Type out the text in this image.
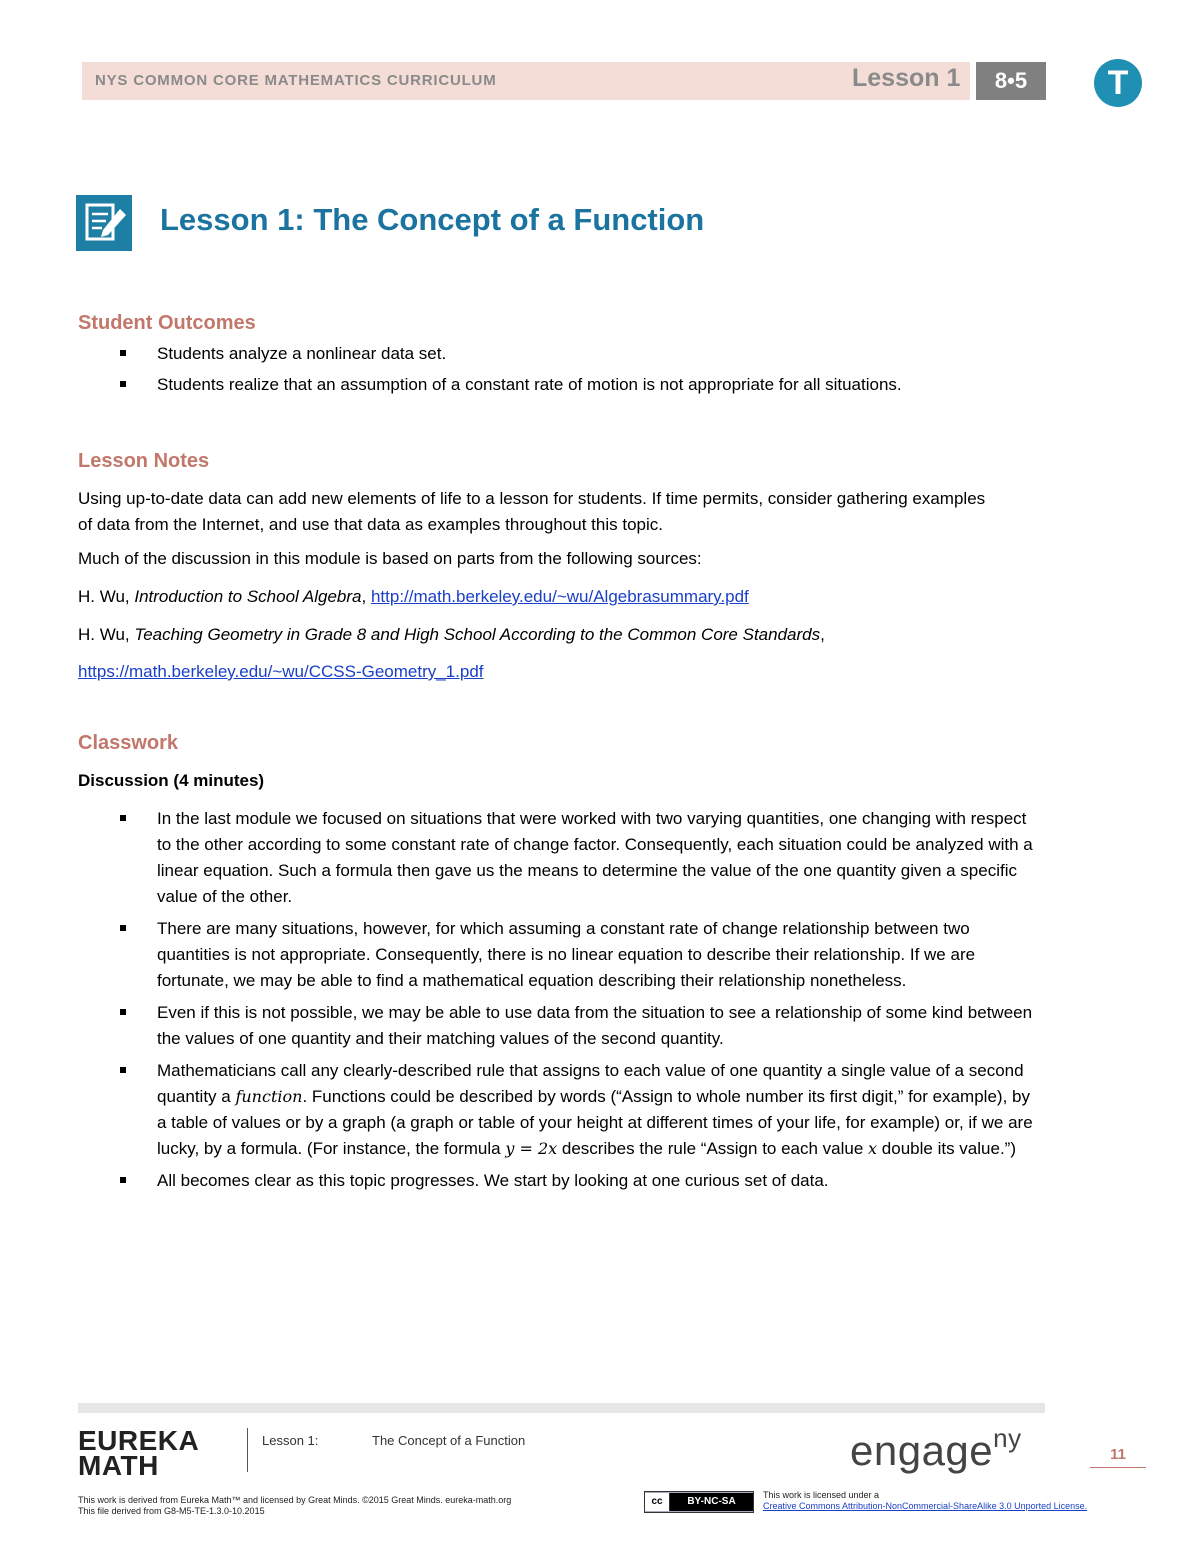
NYS COMMON CORE MATHEMATICS CURRICULUM	Lesson 1	8•5	T
Lesson 1: The Concept of a Function
Student Outcomes
Students analyze a nonlinear data set.
Students realize that an assumption of a constant rate of motion is not appropriate for all situations.
Lesson Notes
Using up-to-date data can add new elements of life to a lesson for students. If time permits, consider gathering examples of data from the Internet, and use that data as examples throughout this topic.
Much of the discussion in this module is based on parts from the following sources:
H. Wu, Introduction to School Algebra, http://math.berkeley.edu/~wu/Algebrasummary.pdf
H. Wu, Teaching Geometry in Grade 8 and High School According to the Common Core Standards,
https://math.berkeley.edu/~wu/CCSS-Geometry_1.pdf
Classwork
Discussion (4 minutes)
In the last module we focused on situations that were worked with two varying quantities, one changing with respect to the other according to some constant rate of change factor. Consequently, each situation could be analyzed with a linear equation. Such a formula then gave us the means to determine the value of the one quantity given a specific value of the other.
There are many situations, however, for which assuming a constant rate of change relationship between two quantities is not appropriate. Consequently, there is no linear equation to describe their relationship. If we are fortunate, we may be able to find a mathematical equation describing their relationship nonetheless.
Even if this is not possible, we may be able to use data from the situation to see a relationship of some kind between the values of one quantity and their matching values of the second quantity.
Mathematicians call any clearly-described rule that assigns to each value of one quantity a single value of a second quantity a function. Functions could be described by words (“Assign to whole number its first digit,” for example), by a table of values or by a graph (a graph or table of your height at different times of your life, for example) or, if we are lucky, by a formula. (For instance, the formula y = 2x describes the rule “Assign to each value x double its value.”)
All becomes clear as this topic progresses. We start by looking at one curious set of data.
EUREKA
MATH
Lesson 1:	The Concept of a Function	engage$^{ny}$
11
This work is derived from Eureka Math™ and licensed by Great Minds. ©2015 Great Minds. eureka-math.org
This file derived from G8-M5-TE-1.3.0-10.2015
cc	BY-NC-SA
This work is licensed under a
Creative Commons Attribution-NonCommercial-ShareAlike 3.0 Unported License.
